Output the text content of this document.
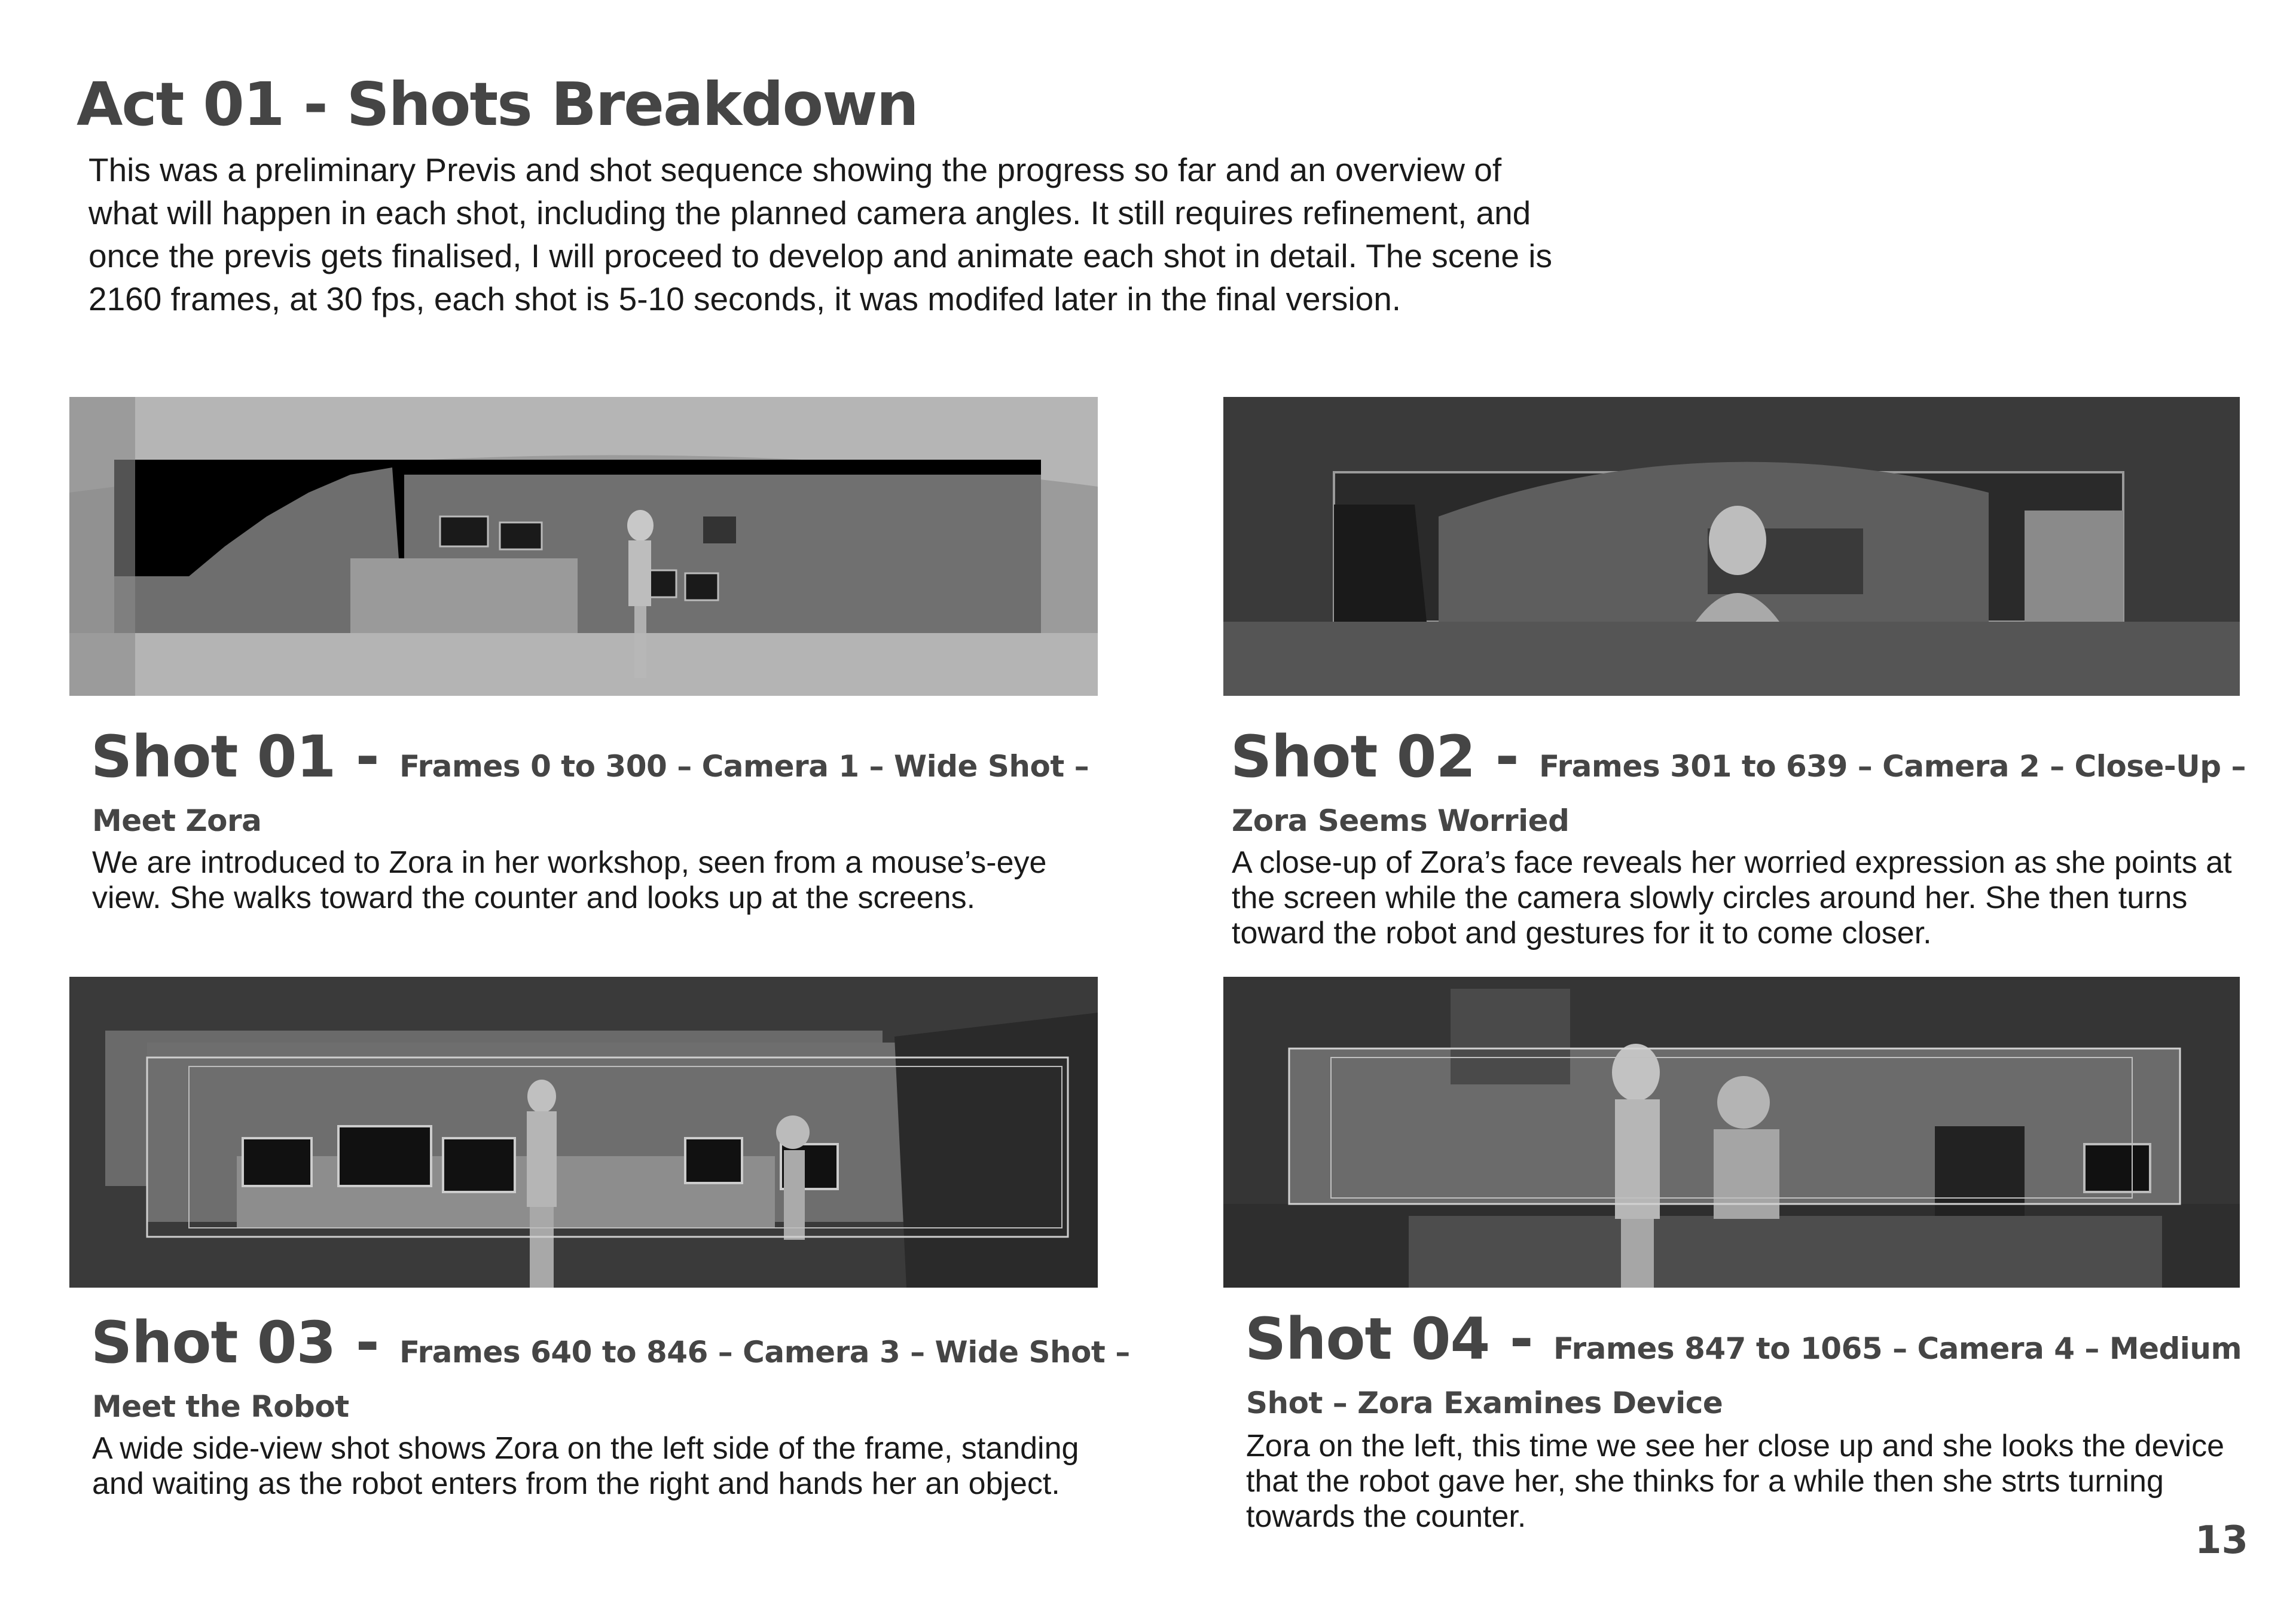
Act 01 - Shots Breakdown

This was a preliminary Previs and shot sequence showing the progress so far and an overview of what will happen in each shot, including the planned camera angles. It still requires refinement, and once the previs gets finalised, I will proceed to develop and animate each shot in detail. The scene is 2160 frames, at 30 fps, each shot is 5-10 seconds, it was modifed later in the final version.

Shot 01 - Frames 0 to 300 – Camera 1 – Wide Shot –
Meet Zora

We are introduced to Zora in her workshop, seen from a mouse’s-eye view. She walks toward the counter and looks up at the screens.

Shot 02 - Frames 301 to 639 – Camera 2 – Close-Up –
Zora Seems Worried

A close-up of Zora’s face reveals her worried expression as she points at the screen while the camera slowly circles around her. She then turns toward the robot and gestures for it to come closer.

Shot 03 - Frames 640 to 846 – Camera 3 – Wide Shot –
Meet the Robot

A wide side-view shot shows Zora on the left side of the frame, standing and waiting as the robot enters from the right and hands her an object.

Shot 04 - Frames 847 to 1065 – Camera 4 – Medium
Shot – Zora Examines Device

Zora on the left, this time we see her close up and she looks the device that the robot gave her, she thinks for a while then she strts turning towards the counter.

13
